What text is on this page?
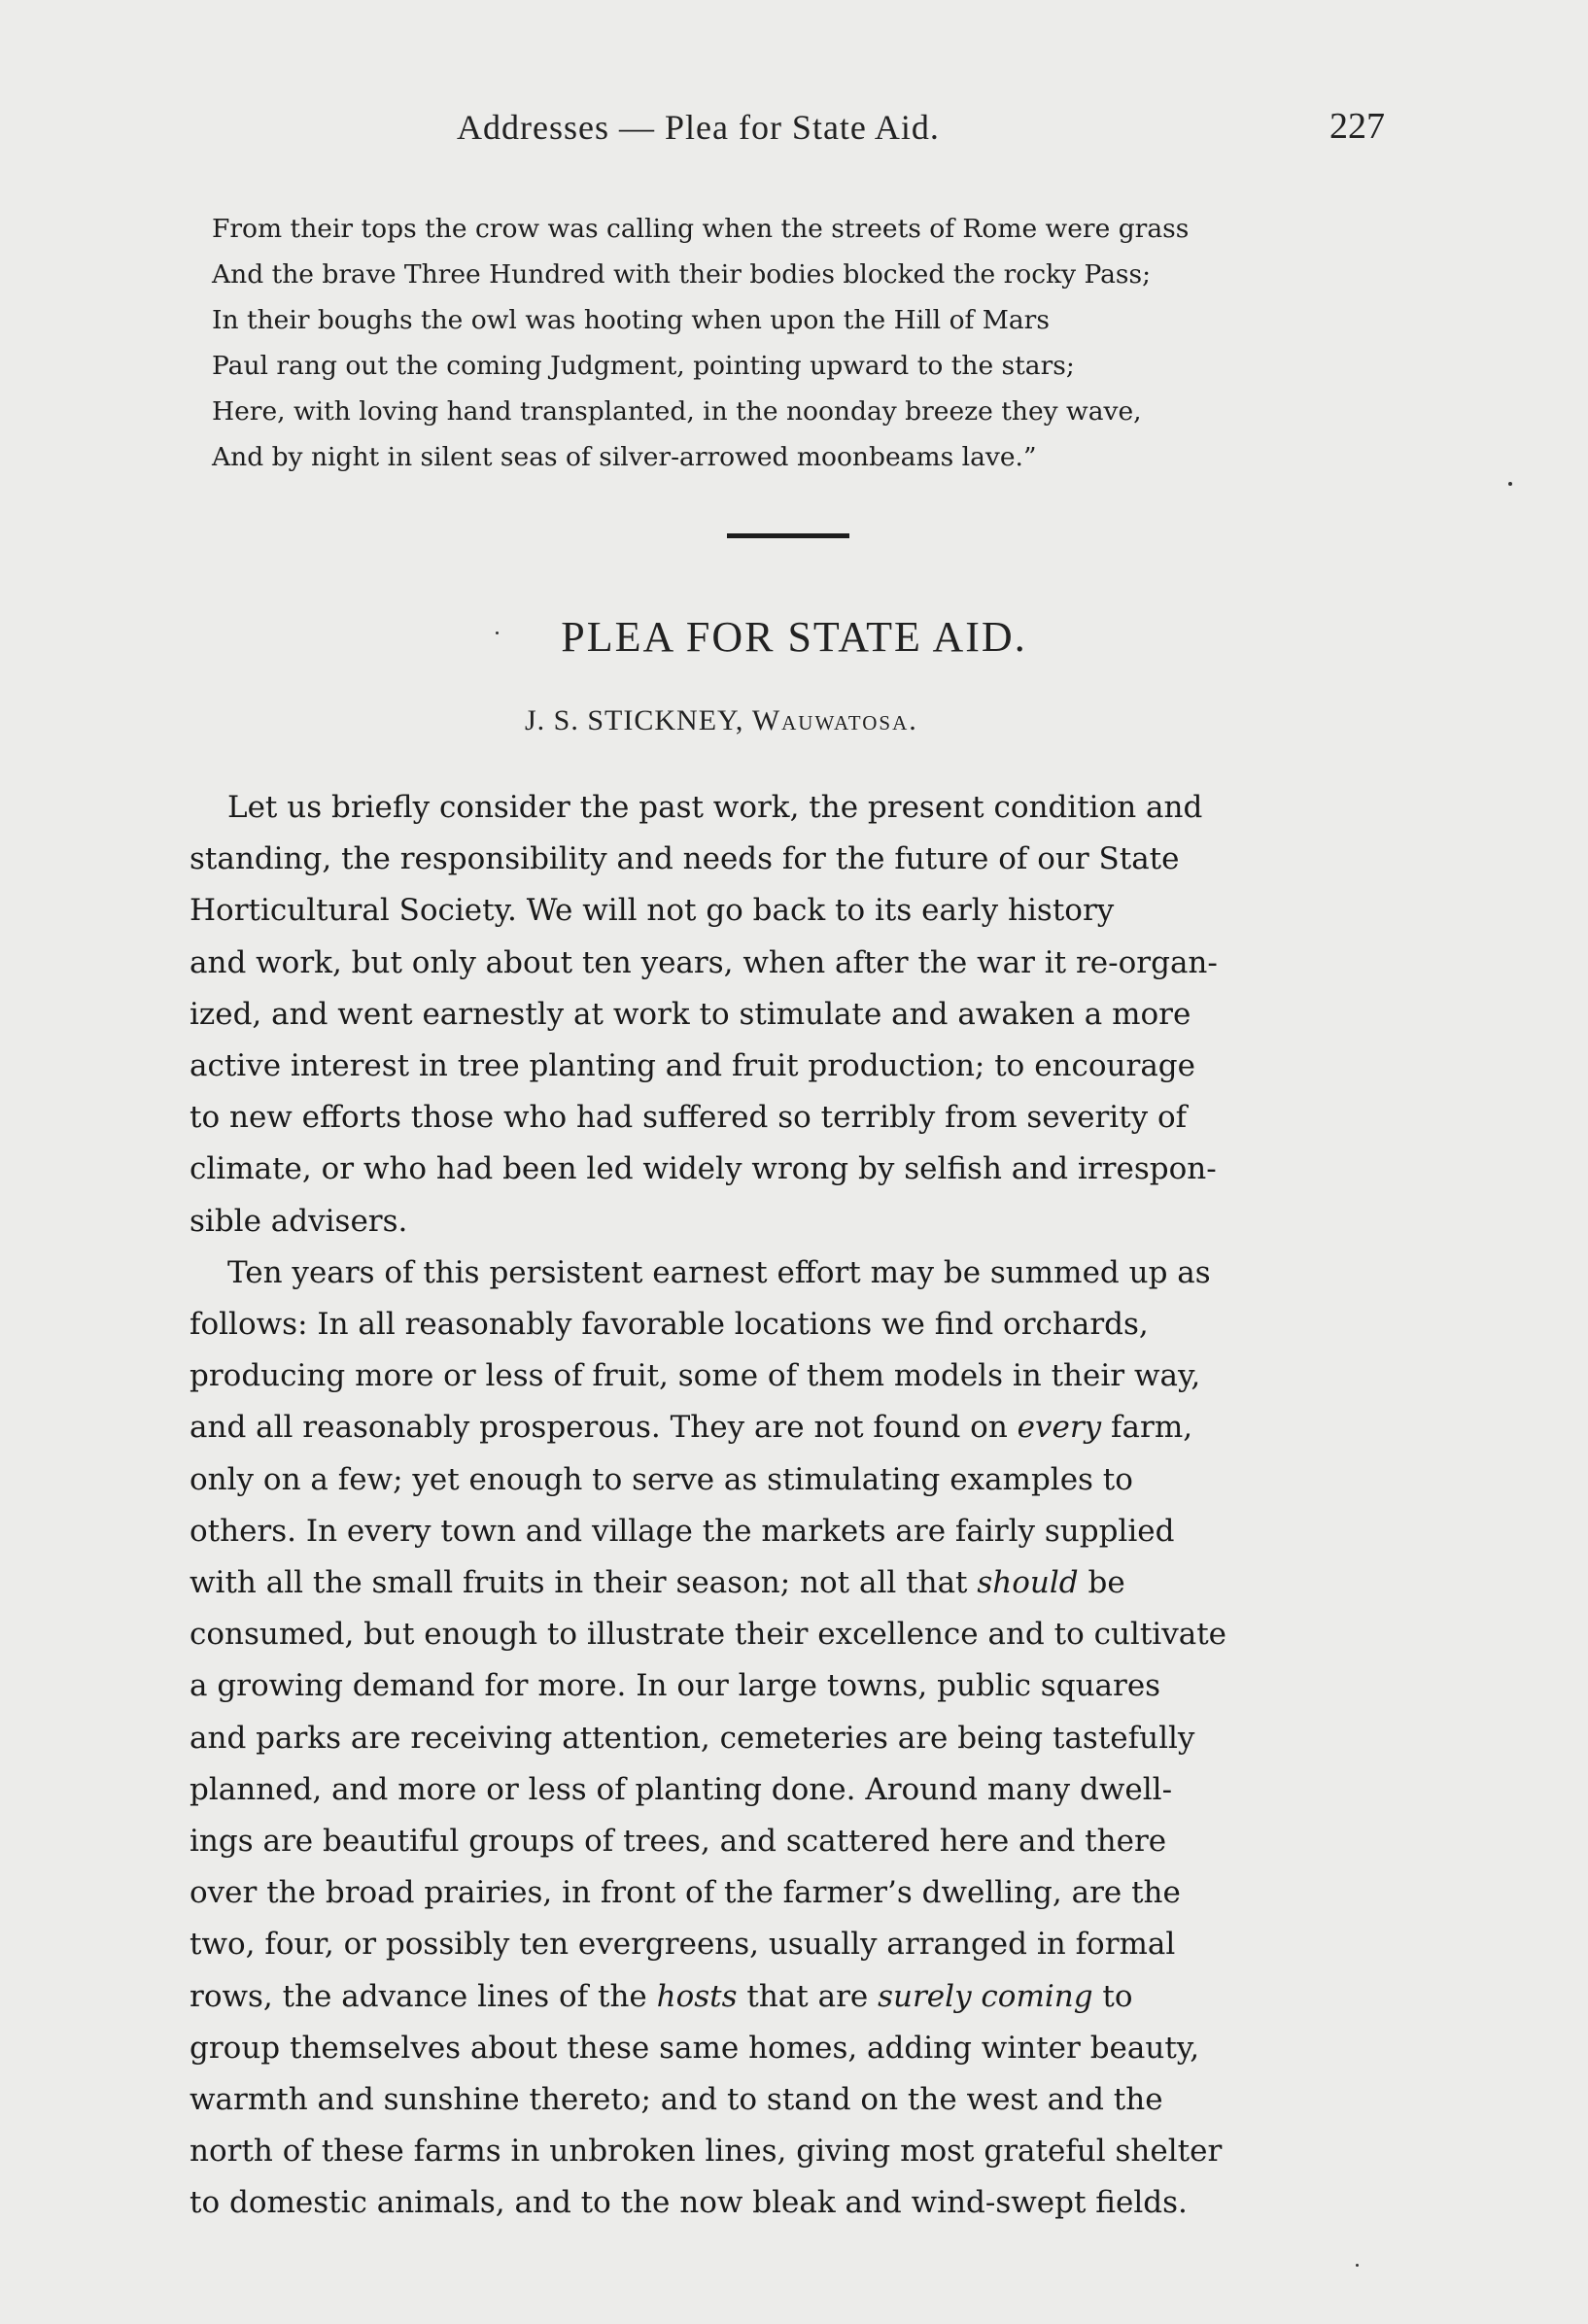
Addresses — Plea for State Aid.	227
From their tops the crow was calling when the streets of Rome were grass
And the brave Three Hundred with their bodies blocked the rocky Pass;
In their boughs the owl was hooting when upon the Hill of Mars
Paul rang out the coming Judgment, pointing upward to the stars;
Here, with loving hand transplanted, in the noonday breeze they wave,
And by night in silent seas of silver-arrowed moonbeams lave.”
PLEA FOR STATE AID.
J. S. STICKNEY, Wauwatosa.
Let us briefly consider the past work, the present condition and
standing, the responsibility and needs for the future of our State
Horticultural Society. We will not go back to its early history
and work, but only about ten years, when after the war it re-organ-
ized, and went earnestly at work to stimulate and awaken a more
active interest in tree planting and fruit production; to encourage
to new efforts those who had suffered so terribly from severity of
climate, or who had been led widely wrong by selfish and irrespon-
sible advisers.
Ten years of this persistent earnest effort may be summed up as
follows: In all reasonably favorable locations we find orchards,
producing more or less of fruit, some of them models in their way,
and all reasonably prosperous. They are not found on every farm,
only on a few; yet enough to serve as stimulating examples to
others. In every town and village the markets are fairly supplied
with all the small fruits in their season; not all that should be
consumed, but enough to illustrate their excellence and to cultivate
a growing demand for more. In our large towns, public squares
and parks are receiving attention, cemeteries are being tastefully
planned, and more or less of planting done. Around many dwell-
ings are beautiful groups of trees, and scattered here and there
over the broad prairies, in front of the farmer’s dwelling, are the
two, four, or possibly ten evergreens, usually arranged in formal
rows, the advance lines of the hosts that are surely coming to
group themselves about these same homes, adding winter beauty,
warmth and sunshine thereto; and to stand on the west and the
north of these farms in unbroken lines, giving most grateful shelter
to domestic animals, and to the now bleak and wind-swept fields.
